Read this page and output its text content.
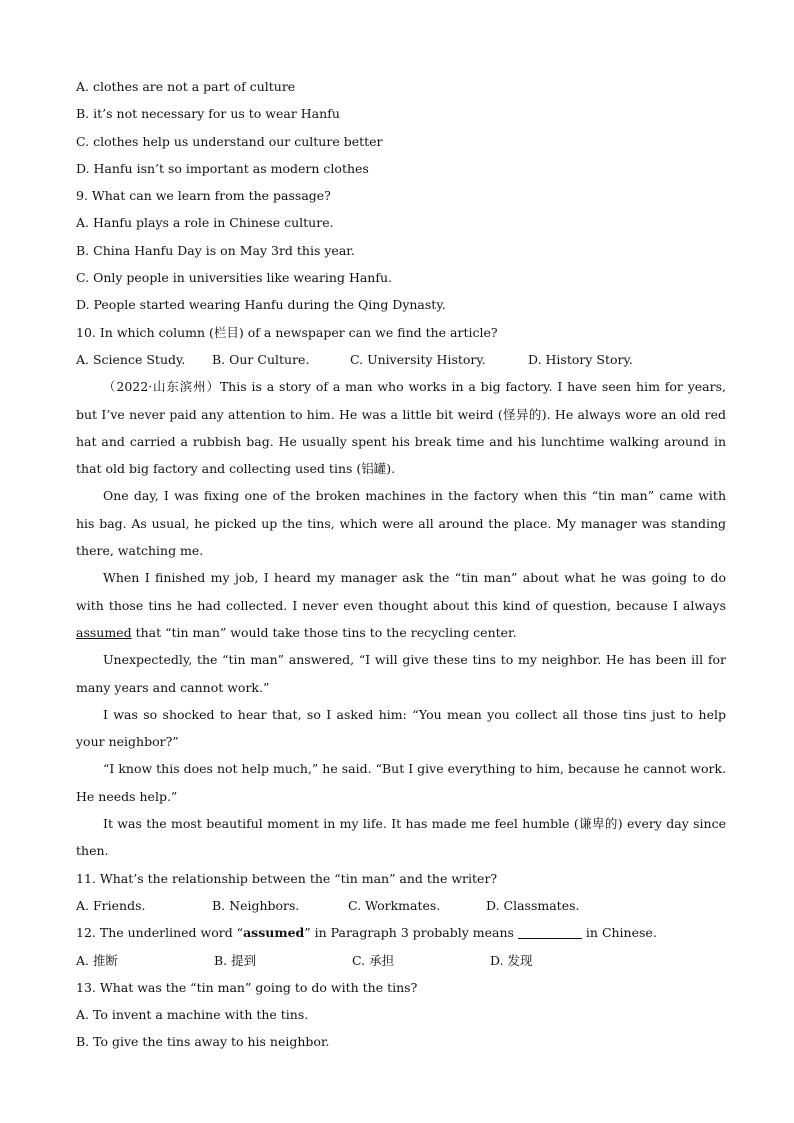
A. clothes are not a part of culture
B. it’s not necessary for us to wear Hanfu
C. clothes help us understand our culture better
D. Hanfu isn’t so important as modern clothes
9. What can we learn from the passage?
A. Hanfu plays a role in Chinese culture.
B. China Hanfu Day is on May 3rd this year.
C. Only people in universities like wearing Hanfu.
D. People started wearing Hanfu during the Qing Dynasty.
10. In which column (栏目) of a newspaper can we find the article?
A. Science Study.	B. Our Culture.	C. University History.	D. History Story.

（2022·山东滨州）This is a story of a man who works in a big factory. I have seen him for years, but I’ve never paid any attention to him. He was a little bit weird (怪异的). He always wore an old red hat and carried a rubbish bag. He usually spent his break time and his lunchtime walking around in that old big factory and collecting used tins (铝罐).

One day, I was fixing one of the broken machines in the factory when this “tin man” came with his bag. As usual, he picked up the tins, which were all around the place. My manager was standing there, watching me.

When I finished my job, I heard my manager ask the “tin man” about what he was going to do with those tins he had collected. I never even thought about this kind of question, because I always assumed that “tin man” would take those tins to the recycling center.

Unexpectedly, the “tin man” answered, “I will give these tins to my neighbor. He has been ill for many years and cannot work.”

I was so shocked to hear that, so I asked him: “You mean you collect all those tins just to help your neighbor?”

“I know this does not help much,” he said. “But I give everything to him, because he cannot work. He needs help.”

It was the most beautiful moment in my life. It has made me feel humble (谦卑的) every day since then.

11. What’s the relationship between the “tin man” and the writer?
A. Friends.	B. Neighbors.	C. Workmates.	D. Classmates.
12. The underlined word “assumed” in Paragraph 3 probably means	in Chinese.
A. 推断	B. 提到	C. 承担	D. 发现
13. What was the “tin man” going to do with the tins?
A. To invent a machine with the tins.
B. To give the tins away to his neighbor.
